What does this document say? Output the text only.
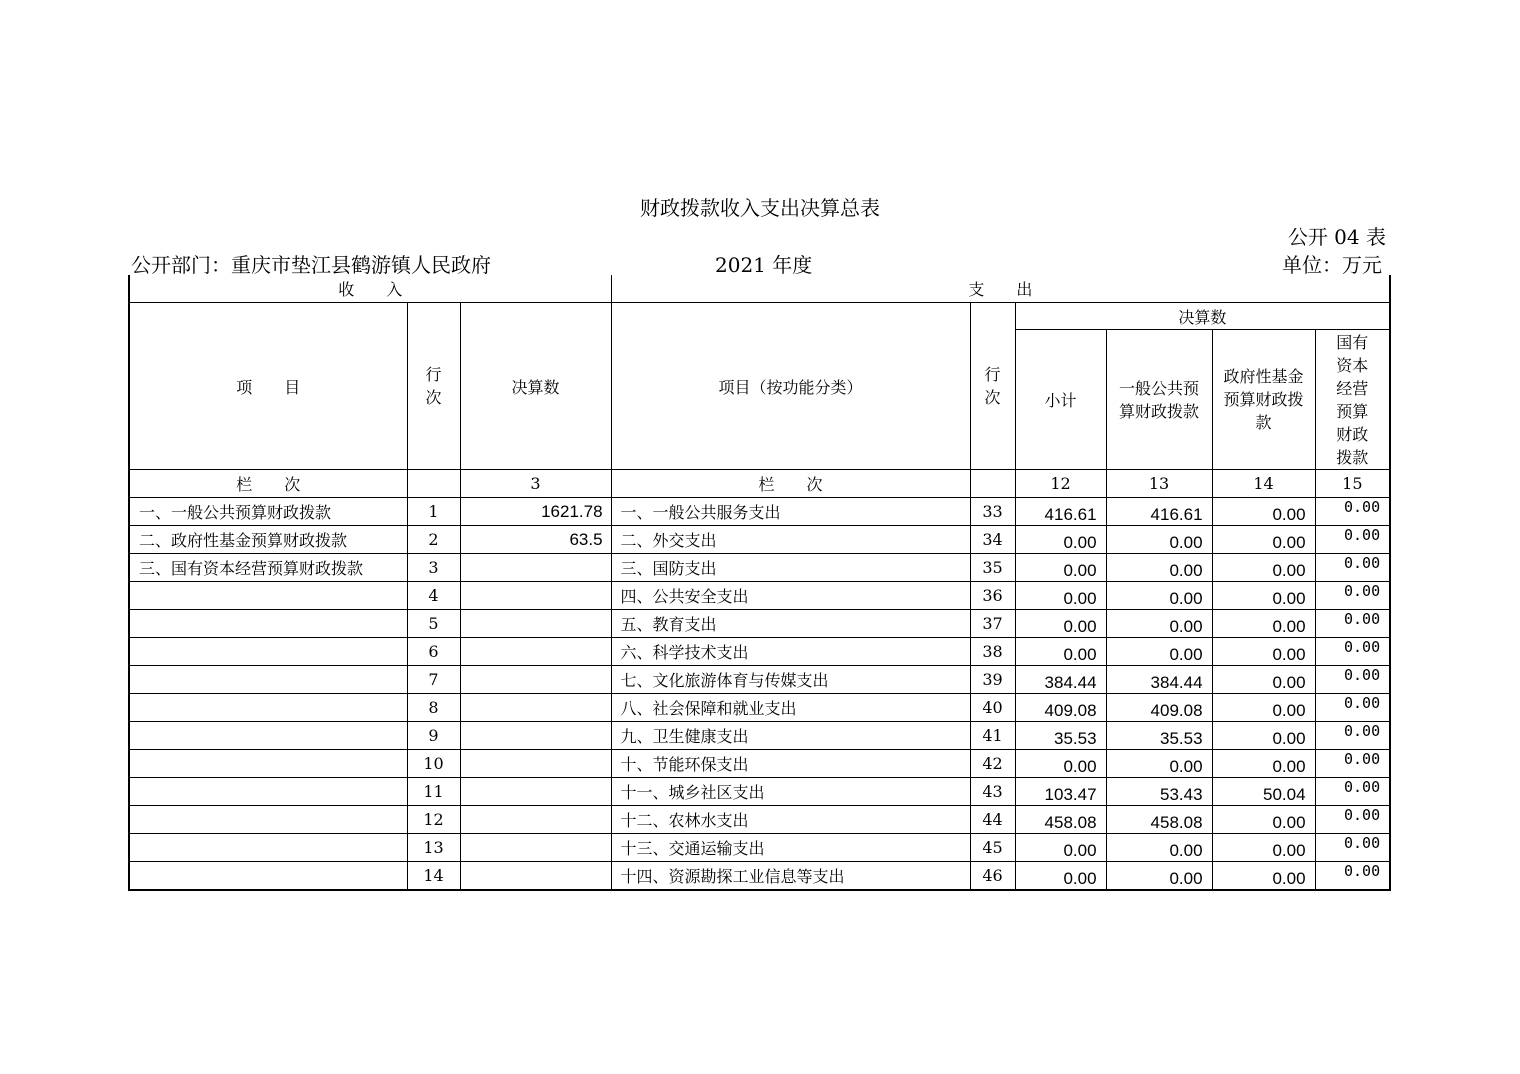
财政拨款收入支出决算总表
公开 04 表
公开部门：重庆市垫江县鹤游镇人民政府	2021 年度	单位：万元
收　　入			支　　出					
项　　目	行次	决算数	项目（按功能分类）	行次	决算数			
					小计	一般公共预算财政拨款	政府性基金预算财政拨款	国有资本经营预算财政拨款

栏　　次		3	栏　　次		12	13	14	15
一、一般公共预算财政拨款	1	1621.78	一、一般公共服务支出	33	416.61	416.61	0.00	0.00
二、政府性基金预算财政拨款	2	63.5	二、外交支出	34	0.00	0.00	0.00	0.00
三、国有资本经营预算财政拨款	3		三、国防支出	35	0.00	0.00	0.00	0.00
	4		四、公共安全支出	36	0.00	0.00	0.00	0.00
	5		五、教育支出	37	0.00	0.00	0.00	0.00
	6		六、科学技术支出	38	0.00	0.00	0.00	0.00
	7		七、文化旅游体育与传媒支出	39	384.44	384.44	0.00	0.00
	8		八、社会保障和就业支出	40	409.08	409.08	0.00	0.00
	9		九、卫生健康支出	41	35.53	35.53	0.00	0.00
	10		十、节能环保支出	42	0.00	0.00	0.00	0.00
	11		十一、城乡社区支出	43	103.47	53.43	50.04	0.00
	12		十二、农林水支出	44	458.08	458.08	0.00	0.00
	13		十三、交通运输支出	45	0.00	0.00	0.00	0.00
	14		十四、资源勘探工业信息等支出	46	0.00	0.00	0.00	0.00
